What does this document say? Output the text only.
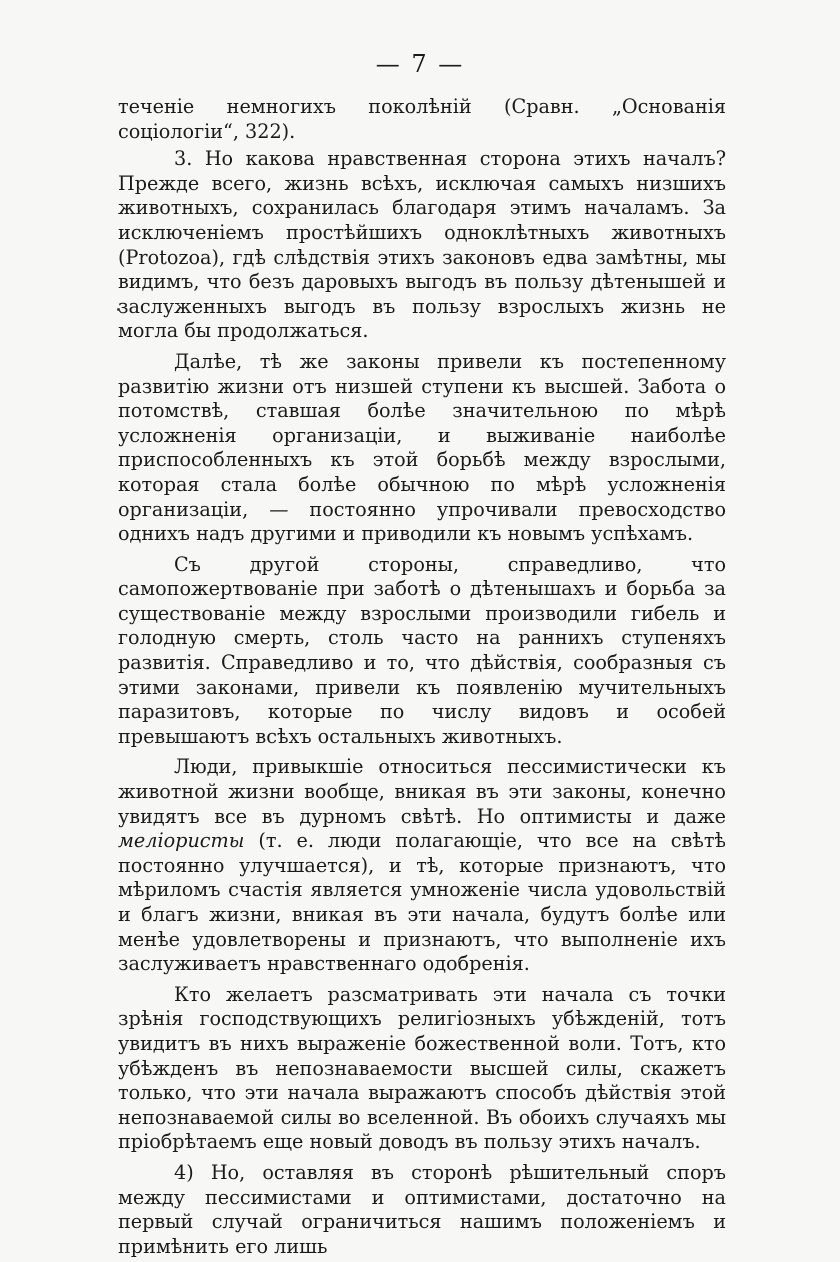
— 7 —

теченіе немногихъ поколѣній (Сравн. „Основанія соціологіи“, 322).

3. Но какова нравственная сторона этихъ началъ? Прежде всего, жизнь всѣхъ, исключая самыхъ низшихъ животныхъ, сохранилась благодаря этимъ началамъ. За исключеніемъ простѣйшихъ одноклѣтныхъ животныхъ (Protozoa), гдѣ слѣдствія этихъ законовъ едва замѣтны, мы видимъ, что безъ даровыхъ выгодъ въ пользу дѣтенышей и заслуженныхъ выгодъ въ пользу взрослыхъ жизнь не могла бы продолжаться.

Далѣе, тѣ же законы привели къ постепенному развитію жизни отъ низшей ступени къ высшей. Забота о потомствѣ, ставшая болѣе значительною по мѣрѣ усложненія организаціи, и выживаніе наиболѣе приспособленныхъ къ этой борьбѣ между взрослыми, которая стала болѣе обычною по мѣрѣ усложненія организаціи, — постоянно упрочивали превосходство однихъ надъ другими и приводили къ новымъ успѣхамъ.

Съ другой стороны, справедливо, что самопожертвованіе при заботѣ о дѣтенышахъ и борьба за существованіе между взрослыми производили гибель и голодную смерть, столь часто на раннихъ ступеняхъ развитія. Справедливо и то, что дѣйствія, сообразныя съ этими законами, привели къ появленію мучительныхъ паразитовъ, которые по числу видовъ и особей превышаютъ всѣхъ остальныхъ животныхъ.

Люди, привыкшіе относиться пессимистически къ животной жизни вообще, вникая въ эти законы, конечно увидятъ все въ дурномъ свѣтѣ. Но оптимисты и даже меліористы (т. е. люди полагающіе, что все на свѣтѣ постоянно улучшается), и тѣ, которые признаютъ, что мѣриломъ счастія является умноженіе числа удовольствій и благъ жизни, вникая въ эти начала, будутъ болѣе или менѣе удовлетворены и признаютъ, что выполненіе ихъ заслуживаетъ нравственнаго одобренія.

Кто желаетъ разсматривать эти начала съ точки зрѣнія господствующихъ религіозныхъ убѣжденій, тотъ увидитъ въ нихъ выраженіе божественной воли. Тотъ, кто убѣжденъ въ непознаваемости высшей силы, скажетъ только, что эти начала выражаютъ способъ дѣйствія этой непознаваемой силы во вселенной. Въ обоихъ случаяхъ мы пріобрѣтаемъ еще новый доводъ въ пользу этихъ началъ.

4) Но, оставляя въ сторонѣ рѣшительный споръ между пессимистами и оптимистами, достаточно на первый случай ограничиться нашимъ положеніемъ и примѣнить его лишь
